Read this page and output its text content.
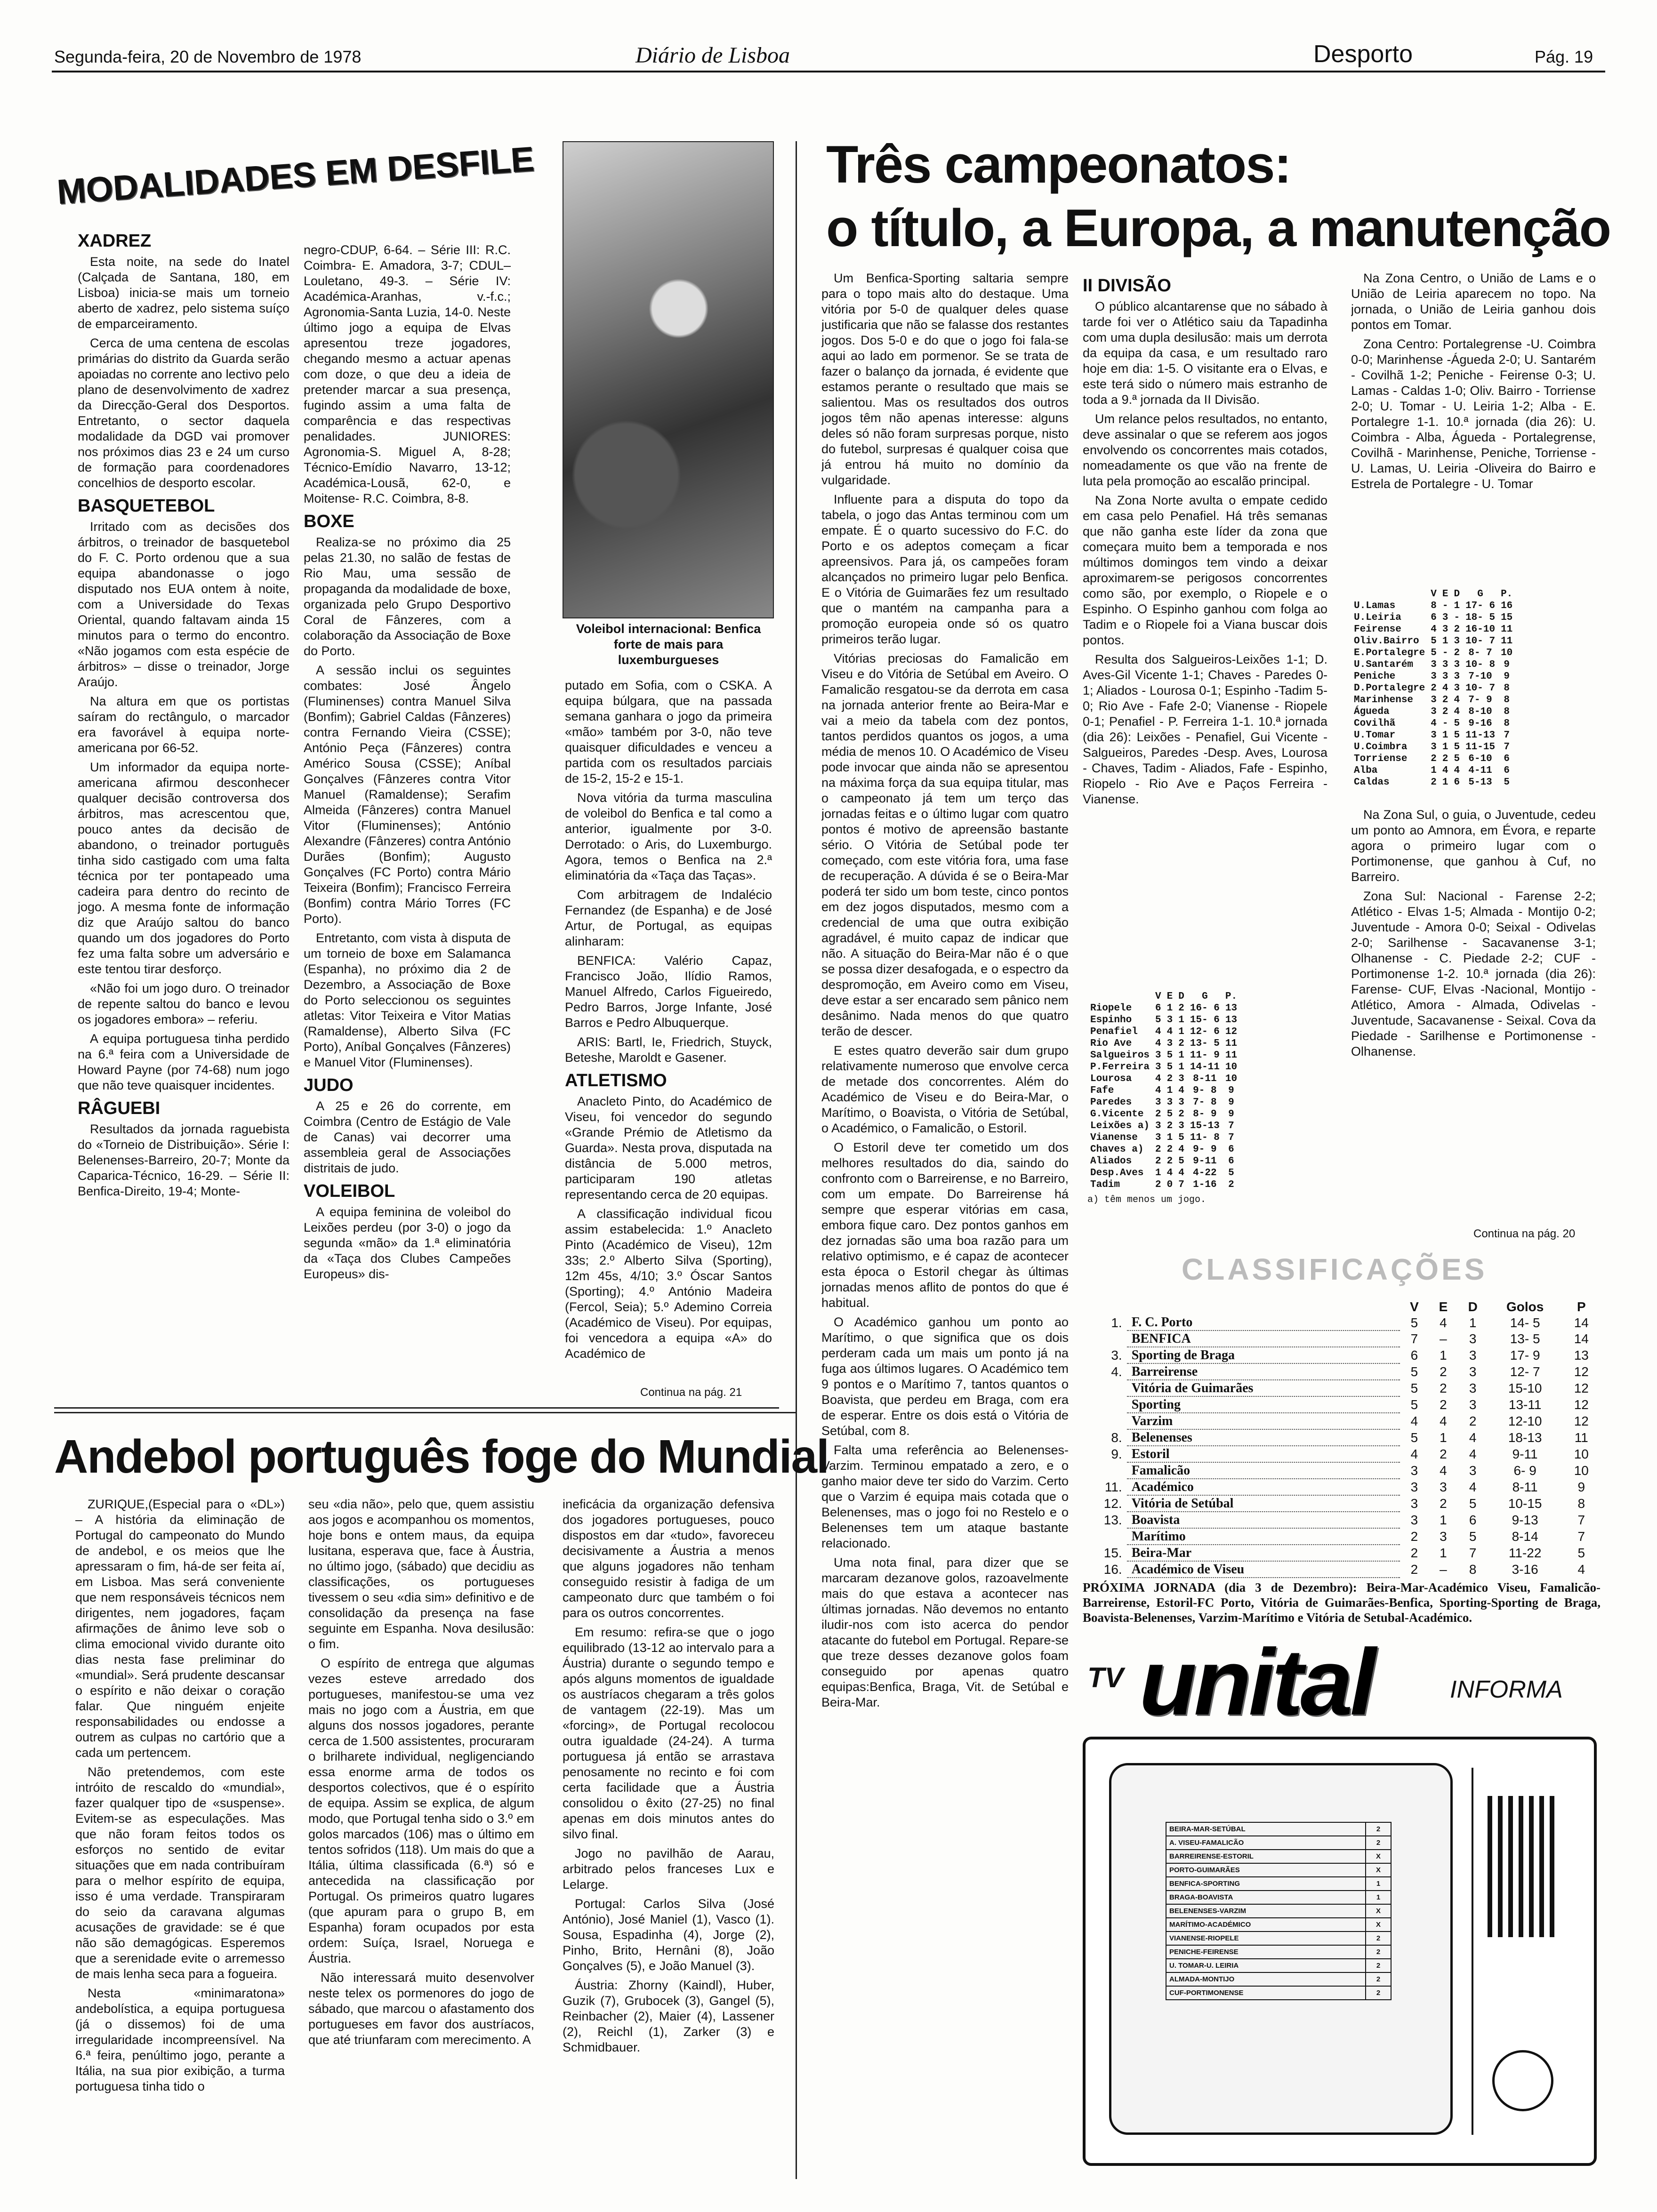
Segunda-feira, 20 de Novembro de 1978	Diário de Lisboa	Desporto	Pág. 19
MODALIDADES EM DESFILE
XADREZ

Esta noite, na sede do Inatel (Calçada de Santana, 180, em Lisboa) inicia-se mais um torneio aberto de xadrez, pelo sistema suíço de emparceiramento.

Cerca de uma centena de escolas primárias do distrito da Guarda serão apoiadas no corrente ano lectivo pelo plano de desenvolvimento de xadrez da Direcção-Geral dos Desportos. Entretanto, o sector daquela modalidade da DGD vai promover nos próximos dias 23 e 24 um curso de formação para coordenadores concelhios de desporto escolar.

BASQUETEBOL

Irritado com as decisões dos árbitros, o treinador de basquetebol do F. C. Porto ordenou que a sua equipa abandonasse o jogo disputado nos EUA ontem à noite, com a Universidade do Texas Oriental, quando faltavam ainda 15 minutos para o termo do encontro. «Não jogamos com esta espécie de árbitros» – disse o treinador, Jorge Araújo.

Na altura em que os portistas saíram do rectângulo, o marcador era favorável à equipa norte-americana por 66-52.

Um informador da equipa norte-americana afirmou desconhecer qualquer decisão controversa dos árbitros, mas acrescentou que, pouco antes da decisão de abandono, o treinador português tinha sido castigado com uma falta técnica por ter pontapeado uma cadeira para dentro do recinto de jogo. A mesma fonte de informação diz que Araújo saltou do banco quando um dos jogadores do Porto fez uma falta sobre um adversário e este tentou tirar desforço.

«Não foi um jogo duro. O treinador de repente saltou do banco e levou os jogadores embora» – referiu.

A equipa portuguesa tinha perdido na 6.ª feira com a Universidade de Howard Payne (por 74-68) num jogo que não teve quaisquer incidentes.

RÂGUEBI

Resultados da jornada raguebista do «Torneio de Distribuição». Série I: Belenenses-Barreiro, 20-7; Monte da Caparica-Técnico, 16-29. – Série II: Benfica-Direito, 19-4; Monte-

negro-CDUP, 6-64. – Série III: R.C. Coimbra- E. Amadora, 3-7; CDUL–Louletano, 49-3. – Série IV: Académica-Aranhas, v.-f.c.; Agronomia-Santa Luzia, 14-0. Neste último jogo a equipa de Elvas apresentou treze jogadores, chegando mesmo a actuar apenas com doze, o que deu a ideia de pretender marcar a sua presença, fugindo assim a uma falta de comparência e das respectivas penalidades. JUNIORES: Agronomia-S. Miguel A, 8-28; Técnico-Emídio Navarro, 13-12; Académica-Lousã, 62-0, e Moitense- R.C. Coimbra, 8-8.

BOXE

Realiza-se no próximo dia 25 pelas 21.30, no salão de festas de Rio Mau, uma sessão de propaganda da modalidade de boxe, organizada pelo Grupo Desportivo Coral de Fânzeres, com a colaboração da Associação de Boxe do Porto.

A sessão inclui os seguintes combates: José Ângelo (Fluminenses) contra Manuel Silva (Bonfim); Gabriel Caldas (Fânzeres) contra Fernando Vieira (CSSE); António Peça (Fânzeres) contra Américo Sousa (CSSE); Aníbal Gonçalves (Fânzeres contra Vitor Manuel (Ramaldense); Serafim Almeida (Fânzeres) contra Manuel Vitor (Fluminenses); António Alexandre (Fânzeres) contra António Durães (Bonfim); Augusto Gonçalves (FC Porto) contra Mário Teixeira (Bonfim); Francisco Ferreira (Bonfim) contra Mário Torres (FC Porto).

Entretanto, com vista à disputa de um torneio de boxe em Salamanca (Espanha), no próximo dia 2 de Dezembro, a Associação de Boxe do Porto seleccionou os seguintes atletas: Vitor Teixeira e Vitor Matias (Ramaldense), Alberto Silva (FC Porto), Aníbal Gonçalves (Fânzeres) e Manuel Vitor (Fluminenses).

JUDO

A 25 e 26 do corrente, em Coimbra (Centro de Estágio de Vale de Canas) vai decorrer uma assembleia geral de Associações distritais de judo.

VOLEIBOL

A equipa feminina de voleibol do Leixões perdeu (por 3-0) o jogo da segunda «mão» da 1.ª eliminatória da «Taça dos Clubes Campeões Europeus» dis-

Voleibol internacional: Benfica forte de mais para luxemburgueses

putado em Sofia, com o CSKA. A equipa búlgara, que na passada semana ganhara o jogo da primeira «mão» também por 3-0, não teve quaisquer dificuldades e venceu a partida com os resultados parciais de 15-2, 15-2 e 15-1.

Nova vitória da turma masculina de voleibol do Benfica e tal como a anterior, igualmente por 3-0. Derrotado: o Aris, do Luxemburgo. Agora, temos o Benfica na 2.ª eliminatória da «Taça das Taças».

Com arbitragem de Indalécio Fernandez (de Espanha) e de José Artur, de Portugal, as equipas alinharam:

BENFICA: Valério Capaz, Francisco João, Ilídio Ramos, Manuel Alfredo, Carlos Figueiredo, Pedro Barros, Jorge Infante, José Barros e Pedro Albuquerque.

ARIS: Bartl, Ie, Friedrich, Stuyck, Beteshe, Maroldt e Gasener.

ATLETISMO

Anacleto Pinto, do Académico de Viseu, foi vencedor do segundo «Grande Prémio de Atletismo da Guarda». Nesta prova, disputada na distância de 5.000 metros, participaram 190 atletas representando cerca de 20 equipas.

A classificação individual ficou assim estabelecida: 1.º Anacleto Pinto (Académico de Viseu), 12m 33s; 2.º Alberto Silva (Sporting), 12m 45s, 4/10; 3.º Óscar Santos (Sporting); 4.º António Madeira (Fercol, Seia); 5.º Ademino Correia (Académico de Viseu). Por equipas, foi vencedora a equipa «A» do Académico de

Continua na pág. 21
Três campeonatos:
o título, a Europa, a manutenção

Um Benfica-Sporting saltaria sempre para o topo mais alto do destaque. Uma vitória por 5-0 de qualquer deles quase justificaria que não se falasse dos restantes jogos. Dos 5-0 e do que o jogo foi fala-se aqui ao lado em pormenor. Se se trata de fazer o balanço da jornada, é evidente que estamos perante o resultado que mais se salientou. Mas os resultados dos outros jogos têm não apenas interesse: alguns deles só não foram surpresas porque, nisto do futebol, surpresas é qualquer coisa que já entrou há muito no domínio da vulgaridade.

Influente para a disputa do topo da tabela, o jogo das Antas terminou com um empate. É o quarto sucessivo do F.C. do Porto e os adeptos começam a ficar apreensivos. Para já, os campeões foram alcançados no primeiro lugar pelo Benfica. E o Vitória de Guimarães fez um resultado que o mantém na campanha para a promoção europeia onde só os quatro primeiros terão lugar.

Vitórias preciosas do Famalicão em Viseu e do Vitória de Setúbal em Aveiro. O Famalicão resgatou-se da derrota em casa na jornada anterior frente ao Beira-Mar e vai a meio da tabela com dez pontos, tantos perdidos quantos os jogos, a uma média de menos 10. O Académico de Viseu pode invocar que ainda não se apresentou na máxima força da sua equipa titular, mas o campeonato já tem um terço das jornadas feitas e o último lugar com quatro pontos é motivo de apreensão bastante sério. O Vitória de Setúbal pode ter começado, com este vitória fora, uma fase de recuperação. A dúvida é se o Beira-Mar poderá ter sido um bom teste, cinco pontos em dez jogos disputados, mesmo com a credencial de uma que outra exibição agradável, é muito capaz de indicar que não. A situação do Beira-Mar não é o que se possa dizer desafogada, e o espectro da despromoção, em Aveiro como em Viseu, deve estar a ser encarado sem pânico nem desânimo. Nada menos do que quatro terão de descer.

E estes quatro deverão sair dum grupo relativamente numeroso que envolve cerca de metade dos concorrentes. Além do Académico de Viseu e do Beira-Mar, o Marítimo, o Boavista, o Vitória de Setúbal, o Académico, o Famalicão, o Estoril.

O Estoril deve ter cometido um dos melhores resultados do dia, saindo do confronto com o Barreirense, e no Barreiro, com um empate. Do Barreirense há sempre que esperar vitórias em casa, embora fique caro. Dez pontos ganhos em dez jornadas são uma boa razão para um relativo optimismo, e é capaz de acontecer esta época o Estoril chegar às últimas jornadas menos aflito de pontos do que é habitual.

O Académico ganhou um ponto ao Marítimo, o que significa que os dois perderam cada um mais um ponto já na fuga aos últimos lugares. O Académico tem 9 pontos e o Marítimo 7, tantos quantos o Boavista, que perdeu em Braga, com era de esperar. Entre os dois está o Vitória de Setúbal, com 8.

Falta uma referência ao Belenenses-Varzim. Terminou empatado a zero, e o ganho maior deve ter sido do Varzim. Certo que o Varzim é equipa mais cotada que o Belenenses, mas o jogo foi no Restelo e o Belenenses tem um ataque bastante relacionado.

Uma nota final, para dizer que se marcaram dezanove golos, razoavelmente mais do que estava a acontecer nas últimas jornadas. Não devemos no entanto iludir-nos com isto acerca do pendor atacante do futebol em Portugal. Repare-se que treze desses dezanove golos foam conseguido por apenas quatro equipas:Benfica, Braga, Vit. de Setúbal e Beira-Mar.

II DIVISÃO

O público alcantarense que no sábado à tarde foi ver o Atlético saiu da Tapadinha com uma dupla desilusão: mais um derrota da equipa da casa, e um resultado raro hoje em dia: 1-5. O visitante era o Elvas, e este terá sido o número mais estranho de toda a 9.ª jornada da II Divisão.

Um relance pelos resultados, no entanto, deve assinalar o que se referem aos jogos envolvendo os concorrentes mais cotados, nomeadamente os que vão na frente de luta pela promoção ao escalão principal.

Na Zona Norte avulta o empate cedido em casa pelo Penafiel. Há três semanas que não ganha este líder da zona que começara muito bem a temporada e nos múltimos domingos tem vindo a deixar aproximarem-se perigosos concorrentes como são, por exemplo, o Riopele e o Espinho. O Espinho ganhou com folga ao Tadim e o Riopele foi a Viana buscar dois pontos.

Resulta dos Salgueiros-Leixões 1-1; D. Aves-Gil Vicente 1-1; Chaves - Paredes 0-1; Aliados - Lourosa 0-1; Espinho -Tadim 5-0; Rio Ave - Fafe 2-0; Vianense - Riopele 0-1; Penafiel - P. Ferreira 1-1. 10.ª jornada (dia 26): Leixões - Penafiel, Gui Vicente - Salgueiros, Paredes -Desp. Aves, Lourosa - Chaves, Tadim - Aliados, Fafe - Espinho, Riopelo - Rio Ave e Paços Ferreira - Vianense.

	V	E	D	G	P.
Riopele	6	1	2	16- 6	13
Espinho	5	3	1	15- 6	13
Penafiel	4	4	1	12- 6	12
Rio Ave	4	3	2	13- 5	11
Salgueiros	3	5	1	11- 9	11
P.Ferreira	3	5	1	14-11	10
Lourosa	4	2	3	8-11	10
Fafe	4	1	4	9- 8	9
Paredes	3	3	3	7- 8	9
G.Vicente	2	5	2	8- 9	9
Leixões a)	3	2	3	15-13	7
Vianense	3	1	5	11- 8	7
Chaves a)	2	2	4	9- 9	6
Aliados	2	2	5	9-11	6
Desp.Aves	1	4	4	4-22	5
Tadim	2	0	7	1-16	2
a) têm menos um jogo.

Na Zona Centro, o União de Lams e o União de Leiria aparecem no topo. Na jornada, o União de Leiria ganhou dois pontos em Tomar.

Zona Centro: Portalegrense -U. Coimbra 0-0; Marinhense -Águeda 2-0; U. Santarém - Covilhã 1-2; Peniche - Feirense 0-3; U. Lamas - Caldas 1-0; Oliv. Bairro - Torriense 2-0; U. Tomar - U. Leiria 1-2; Alba - E. Portalegre 1-1. 10.ª jornada (dia 26): U. Coimbra - Alba, Águeda - Portalegrense, Covilhã - Marinhense, Peniche, Torriense - U. Lamas, U. Leiria -Oliveira do Bairro e Estrela de Portalegre - U. Tomar

	V	E	D	G	P.
U.Lamas	8	-	1	17- 6	16
U.Leiria	6	3	-	18- 5	15
Feirense	4	3	2	16-10	11
Oliv.Bairro	5	1	3	10- 7	11
E.Portalegre	5	-	2	8- 7	10
U.Santarém	3	3	3	10- 8	9
Peniche	3	3	3	7-10	9
D.Portalegre	2	4	3	10- 7	8
Marinhense	3	2	4	7- 9	8
Águeda	3	2	4	8-10	8
Covilhã	4	-	5	9-16	8
U.Tomar	3	1	5	11-13	7
U.Coimbra	3	1	5	11-15	7
Torriense	2	2	5	6-10	6
Alba	1	4	4	4-11	6
Caldas	2	1	6	5-13	5

Na Zona Sul, o guia, o Juventude, cedeu um ponto ao Amnora, em Évora, e reparte agora o primeiro lugar com o Portimonense, que ganhou à Cuf, no Barreiro.

Zona Sul: Nacional - Farense 2-2; Atlético - Elvas 1-5; Almada - Montijo 0-2; Juventude - Amora 0-0; Seixal - Odivelas 2-0; Sarilhense - Sacavanense 3-1; Olhanense - C. Piedade 2-2; CUF -Portimonense 1-2. 10.ª jornada (dia 26): Farense- CUF, Elvas -Nacional, Montijo - Atlético, Amora - Almada, Odivelas -Juventude, Sacavanense - Seixal. Cova da Piedade - Sarilhense e Portimonense - Olhanense.

Continua na pág. 20
CLASSIFICAÇÕES
		V	E	D	Golos	P
1.	F. C. Porto	5	4	1	14- 5	14
	BENFICA	7	–	3	13- 5	14
3.	Sporting de Braga	6	1	3	17- 9	13
4.	Barreirense	5	2	3	12- 7	12
	Vitória de Guimarães	5	2	3	15-10	12
	Sporting	5	2	3	13-11	12
	Varzim	4	4	2	12-10	12
8.	Belenenses	5	1	4	18-13	11
9.	Estoril	4	2	4	9-11	10
	Famalicão	3	4	3	6- 9	10
11.	Académico	3	3	4	8-11	9
12.	Vitória de Setúbal	3	2	5	10-15	8
13.	Boavista	3	1	6	9-13	7
	Marítimo	2	3	5	8-14	7
15.	Beira-Mar	2	1	7	11-22	5
16.	Académico de Viseu	2	–	8	3-16	4
PRÓXIMA JORNADA (dia 3 de Dezembro): Beira-Mar-Académico Viseu, Famalicão-Barreirense, Estoril-FC Porto, Vitória de Guimarães-Benfica, Sporting-Sporting de Braga, Boavista-Belenenses, Varzim-Marítimo e Vitória de Setubal-Académico.
Andebol português foge do Mundial

ZURIQUE,(Especial para o «DL») – A história da eliminação de Portugal do campeonato do Mundo de andebol, e os meios que lhe apressaram o fim, há-de ser feita aí, em Lisboa. Mas será conveniente que nem responsáveis técnicos nem dirigentes, nem jogadores, façam afirmações de ânimo leve sob o clima emocional vivido durante oito dias nesta fase preliminar do «mundial». Será prudente descansar o espírito e não deixar o coração falar. Que ninguém enjeite responsabilidades ou endosse a outrem as culpas no cartório que a cada um pertencem.

Não pretendemos, com este intróito de rescaldo do «mundial», fazer qualquer tipo de «suspense». Evitem-se as especulações. Mas que não foram feitos todos os esforços no sentido de evitar situações que em nada contribuíram para o melhor espírito de equipa, isso é uma verdade. Transpiraram do seio da caravana algumas acusações de gravidade: se é que não são demagógicas. Esperemos que a serenidade evite o arremesso de mais lenha seca para a fogueira.

Nesta «minimaratona» andebolística, a equipa portuguesa (já o dissemos) foi de uma irregularidade incompreensível. Na 6.ª feira, penúltimo jogo, perante a Itália, na sua pior exibição, a turma portuguesa tinha tido o

seu «dia não», pelo que, quem assistiu aos jogos e acompanhou os momentos, hoje bons e ontem maus, da equipa lusitana, esperava que, face à Áustria, no último jogo, (sábado) que decidiu as classificações, os portugueses tivessem o seu «dia sim» definitivo e de consolidação da presença na fase seguinte em Espanha. Nova desilusão: o fim.

O espírito de entrega que algumas vezes esteve arredado dos portugueses, manifestou-se uma vez mais no jogo com a Áustria, em que alguns dos nossos jogadores, perante cerca de 1.500 assistentes, procuraram o brilharete individual, negligenciando essa enorme arma de todos os desportos colectivos, que é o espírito de equipa. Assim se explica, de algum modo, que Portugal tenha sido o 3.º em golos marcados (106) mas o último em tentos sofridos (118). Um mais do que a Itália, última classificada (6.ª) só e antecedida na classificação por Portugal. Os primeiros quatro lugares (que apuram para o grupo B, em Espanha) foram ocupados por esta ordem: Suíça, Israel, Noruega e Áustria.

Não interessará muito desenvolver neste telex os pormenores do jogo de sábado, que marcou o afastamento dos portugueses em favor dos austríacos, que até triunfaram com merecimento. A

ineficácia da organização defensiva dos jogadores portugueses, pouco dispostos em dar «tudo», favoreceu decisivamente a Áustria a menos que alguns jogadores não tenham conseguido resistir à fadiga de um campeonato durc que também o foi para os outros concorrentes.

Em resumo: refira-se que o jogo equilibrado (13-12 ao intervalo para a Áustria) durante o segundo tempo e após alguns momentos de igualdade os austríacos chegaram a três golos de vantagem (22-19). Mas um «forcing», de Portugal recolocou outra igualdade (24-24). A turma portuguesa já então se arrastava penosamente no recinto e foi com certa facilidade que a Áustria consolidou o êxito (27-25) no final apenas em dois minutos antes do silvo final.

Jogo no pavilhão de Aarau, arbitrado pelos franceses Lux e Lelarge.

Portugal: Carlos Silva (José António), José Maniel (1), Vasco (1). Sousa, Espadinha (4), Jorge (2), Pinho, Brito, Hernâni (8), João Gonçalves (5), e João Manuel (3).

Áustria: Zhorny (Kaindl), Huber, Guzik (7), Grubocek (3), Gangel (5), Reinbacher (2), Maier (4), Lassener (2), Reichl (1), Zarker (3) e Schmidbauer.

TV unital	INFORMA
BEIRA-MAR-SETÚBAL	2
A. VISEU-FAMALICÃO	2
BARREIRENSE-ESTORIL	X
PORTO-GUIMARÃES	X
BENFICA-SPORTING	1
BRAGA-BOAVISTA	1
BELENENSES-VARZIM	X
MARÍTIMO-ACADÉMICO	X
VIANENSE-RIOPELE	2
PENICHE-FEIRENSE	2
U. TOMAR-U. LEIRIA	2
ALMADA-MONTIJO	2
CUF-PORTIMONENSE	2
